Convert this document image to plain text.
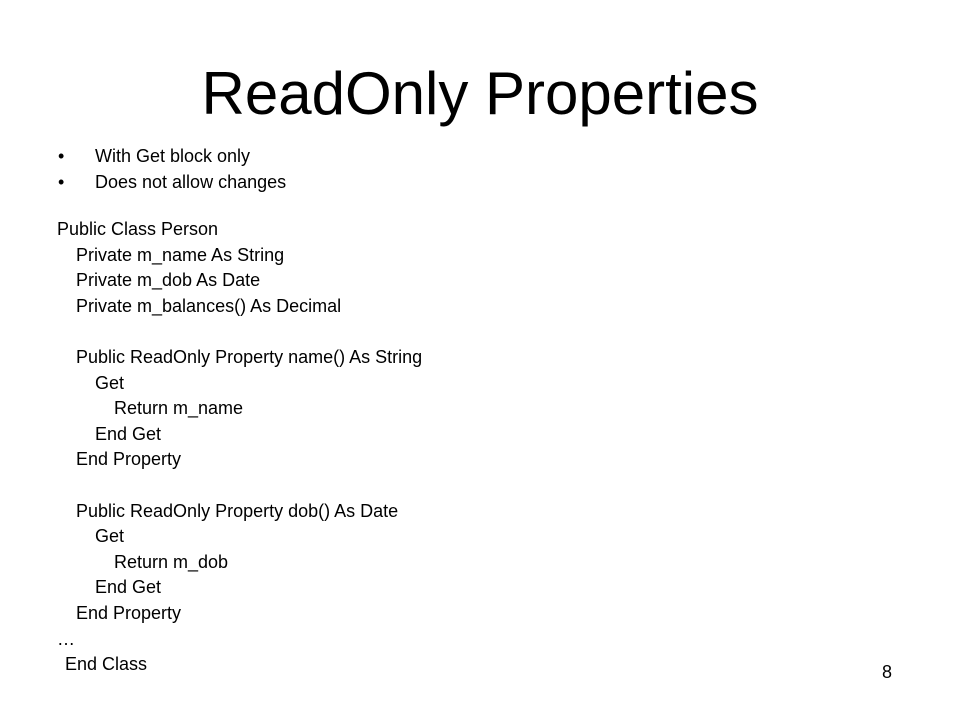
ReadOnly Properties
•	With Get block only
•	Does not allow changes
Public Class Person
Private m_name As String
Private m_dob As Date
Private m_balances() As Decimal
Public ReadOnly Property name() As String
Get
Return m_name
End Get
End Property
Public ReadOnly Property dob() As Date
Get
Return m_dob
End Get
End Property
…
End Class	8
